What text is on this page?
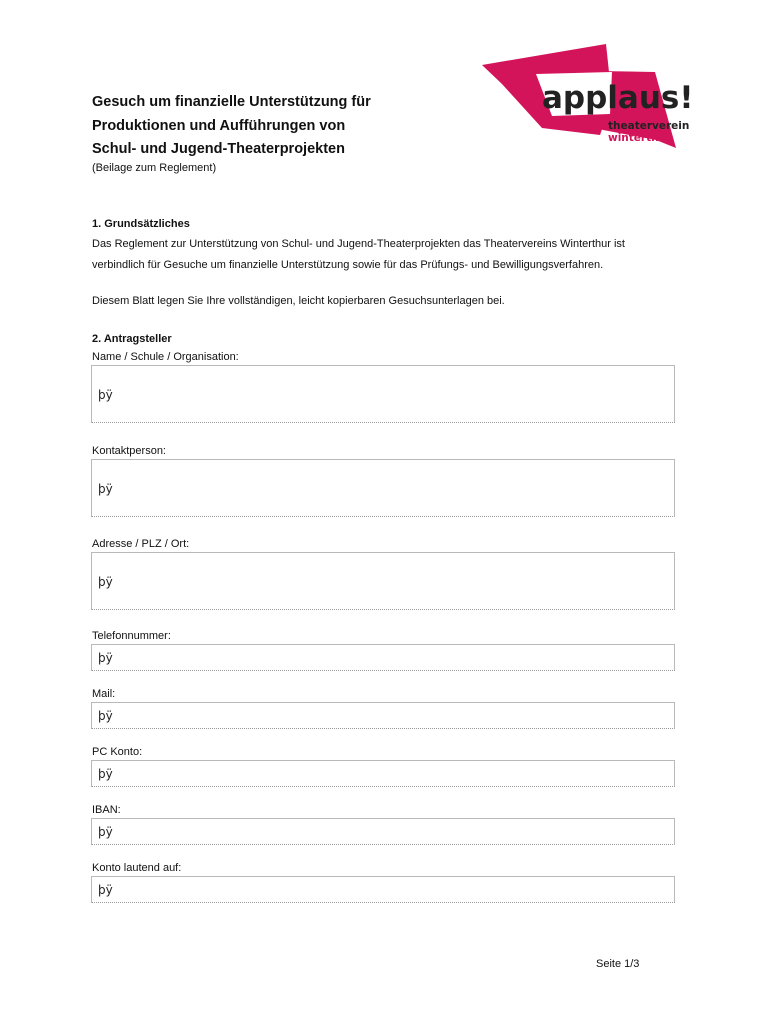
applaus!
theaterverein
winterthur
Gesuch um finanzielle Unterstützung für
Produktionen und Aufführungen von
Schul- und Jugend-Theaterprojekten
(Beilage zum Reglement)
1. Grundsätzliches
Das Reglement zur Unterstützung von Schul- und Jugend-Theaterprojekten das Theatervereins Winterthur ist
verbindlich für Gesuche um finanzielle Unterstützung sowie für das Prüfungs- und Bewilligungsverfahren.
Diesem Blatt legen Sie Ihre vollständigen, leicht kopierbaren Gesuchsunterlagen bei.
2. Antragsteller
Name / Schule / Organisation:
þÿ
Kontaktperson:
þÿ
Adresse / PLZ / Ort:
þÿ
Telefonnummer:
þÿ
Mail:
þÿ
PC Konto:
þÿ
IBAN:
þÿ
Konto lautend auf:
þÿ
Seite 1/3
